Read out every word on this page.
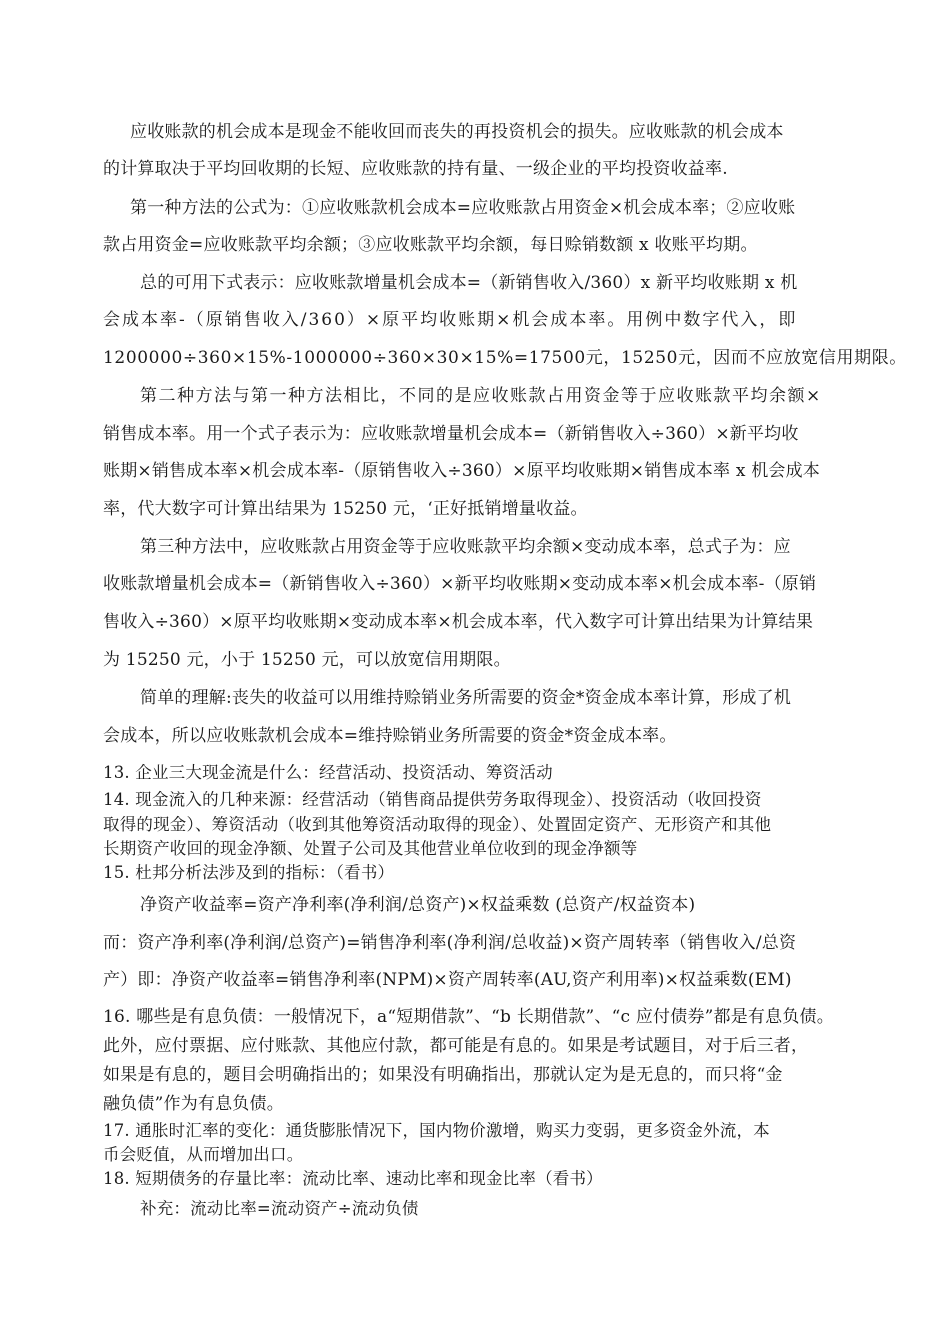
应收账款的机会成本是现金不能收回而丧失的再投资机会的损失。应收账款的机会成本
的计算取决于平均回收期的长短、应收账款的持有量、一级企业的平均投资收益率.
第一种方法的公式为：①应收账款机会成本=应收账款占用资金×机会成本率；②应收账
款占用资金=应收账款平均余额；③应收账款平均余额，每日赊销数额 x 收账平均期。
总的可用下式表示：应收账款增量机会成本=（新销售收入/360）x 新平均收账期 x 机
会成本率-（原销售收入/360）×原平均收账期×机会成本率。用例中数字代入，即
1200000÷360×15%-1000000÷360×30×15%=17500元，15250元，因而不应放宽信用期限。
第二种方法与第一种方法相比，不同的是应收账款占用资金等于应收账款平均余额×
销售成本率。用一个式子表示为：应收账款增量机会成本=（新销售收入÷360）×新平均收
账期×销售成本率×机会成本率-（原销售收入÷360）×原平均收账期×销售成本率 x 机会成本
率，代大数字可计算出结果为 15250 元，‘正好抵销增量收益。
第三种方法中，应收账款占用资金等于应收账款平均余额×变动成本率，总式子为：应
收账款增量机会成本=（新销售收入÷360）×新平均收账期×变动成本率×机会成本率-（原销
售收入÷360）×原平均收账期×变动成本率×机会成本率，代入数字可计算出结果为计算结果
为 15250 元，小于 15250 元，可以放宽信用期限。
简单的理解:丧失的收益可以用维持赊销业务所需要的资金*资金成本率计算，形成了机
会成本，所以应收账款机会成本=维持赊销业务所需要的资金*资金成本率。
13. 企业三大现金流是什么：经营活动、投资活动、筹资活动
14. 现金流入的几种来源：经营活动（销售商品提供劳务取得现金）、投资活动（收回投资
取得的现金）、筹资活动（收到其他筹资活动取得的现金）、处置固定资产、无形资产和其他
长期资产收回的现金净额、处置子公司及其他营业单位收到的现金净额等
15. 杜邦分析法涉及到的指标：（看书）
净资产收益率=资产净利率(净利润/总资产)×权益乘数 (总资产/权益资本)
而：资产净利率(净利润/总资产)=销售净利率(净利润/总收益)×资产周转率（销售收入/总资
产）即：净资产收益率=销售净利率(NPM)×资产周转率(AU,资产利用率)×权益乘数(EM)
16. 哪些是有息负债：一般情况下，a“短期借款”、“b 长期借款”、“c 应付债券”都是有息负债。
此外，应付票据、应付账款、其他应付款，都可能是有息的。如果是考试题目，对于后三者，
如果是有息的，题目会明确指出的；如果没有明确指出，那就认定为是无息的，而只将“金
融负债”作为有息负债。
17. 通胀时汇率的变化：通货膨胀情况下，国内物价激增，购买力变弱，更多资金外流，本
币会贬值，从而增加出口。
18. 短期债务的存量比率：流动比率、速动比率和现金比率（看书）
补充：流动比率=流动资产÷流动负债
